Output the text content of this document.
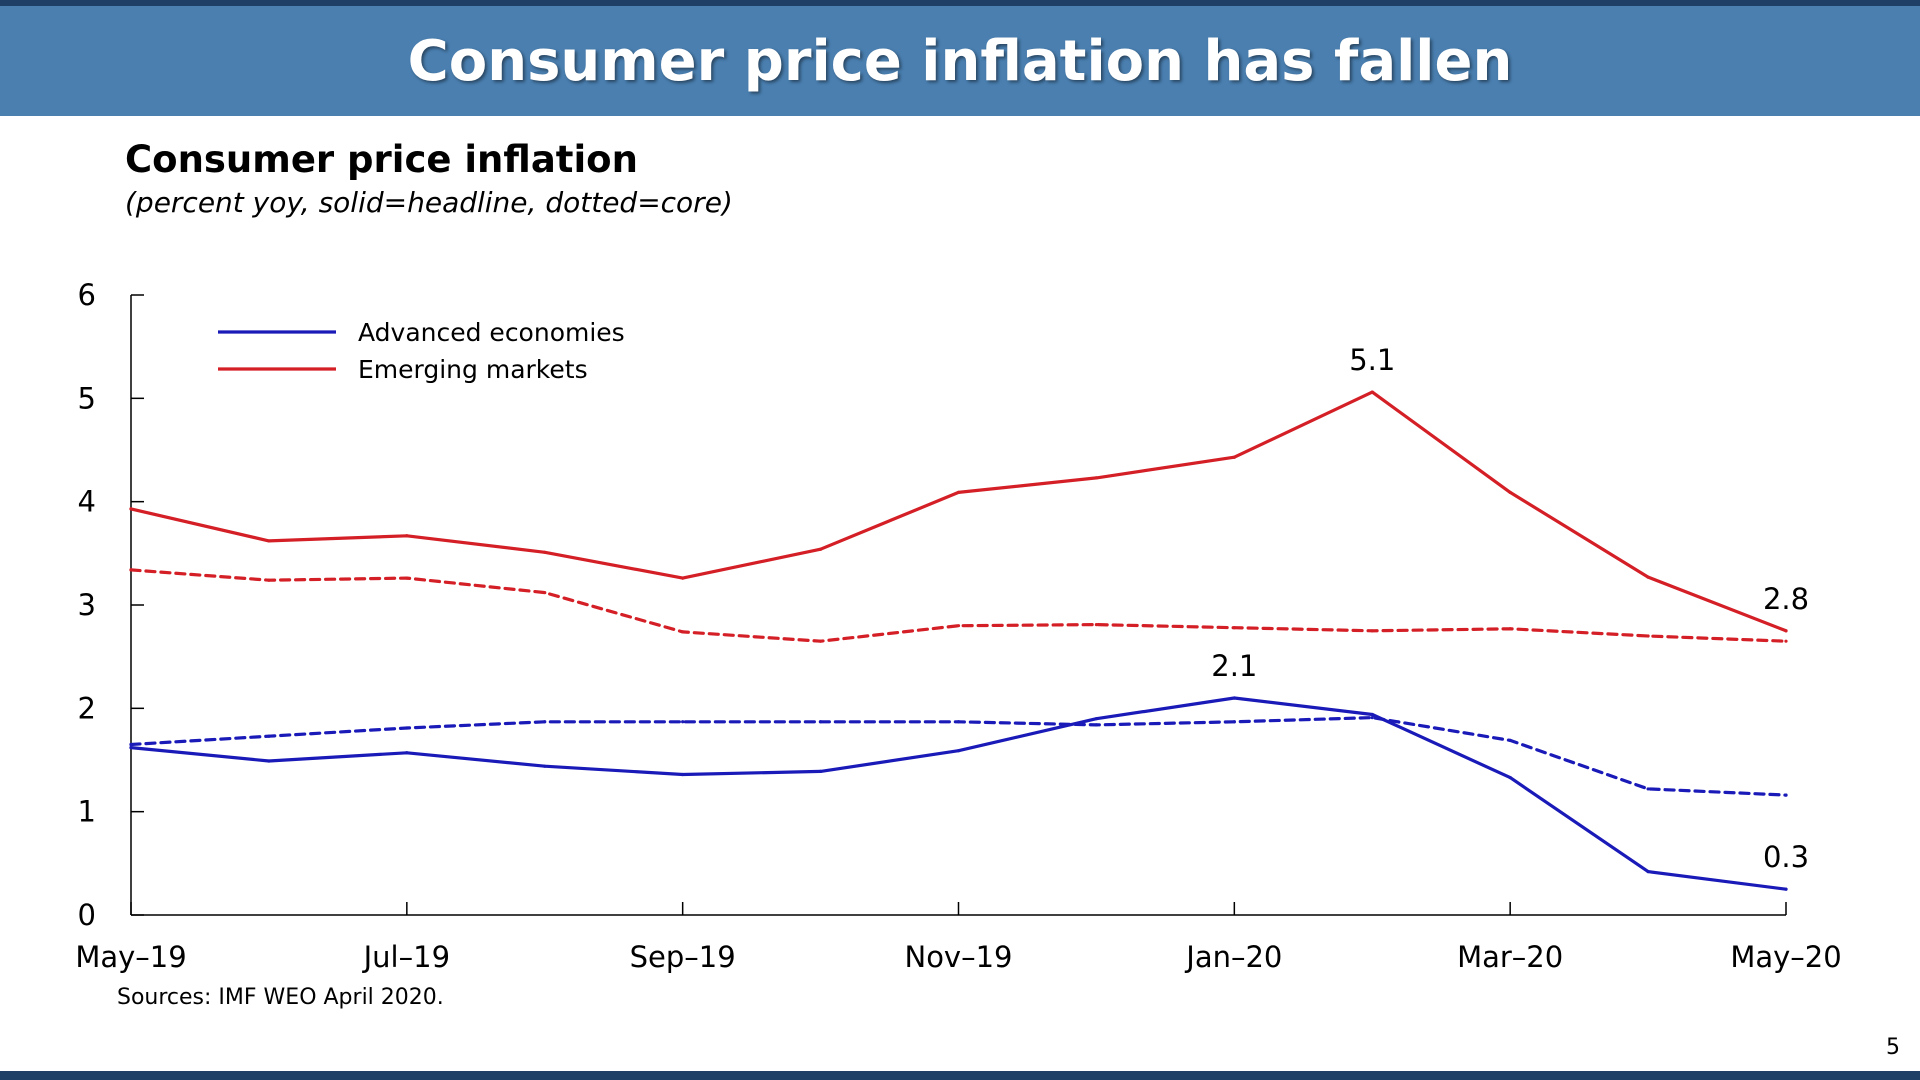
Consumer price inflation has fallen
Consumer price inflation
(percent yoy, solid=headline, dotted=core)
0
1
2
3
4
5
6
May–19	Jul–19	Sep–19	Nov–19	Jan–20	Mar–20	May–20
5.1
2.8
2.1
0.3
Advanced economies
Emerging markets
Sources: IMF WEO April 2020.
5
